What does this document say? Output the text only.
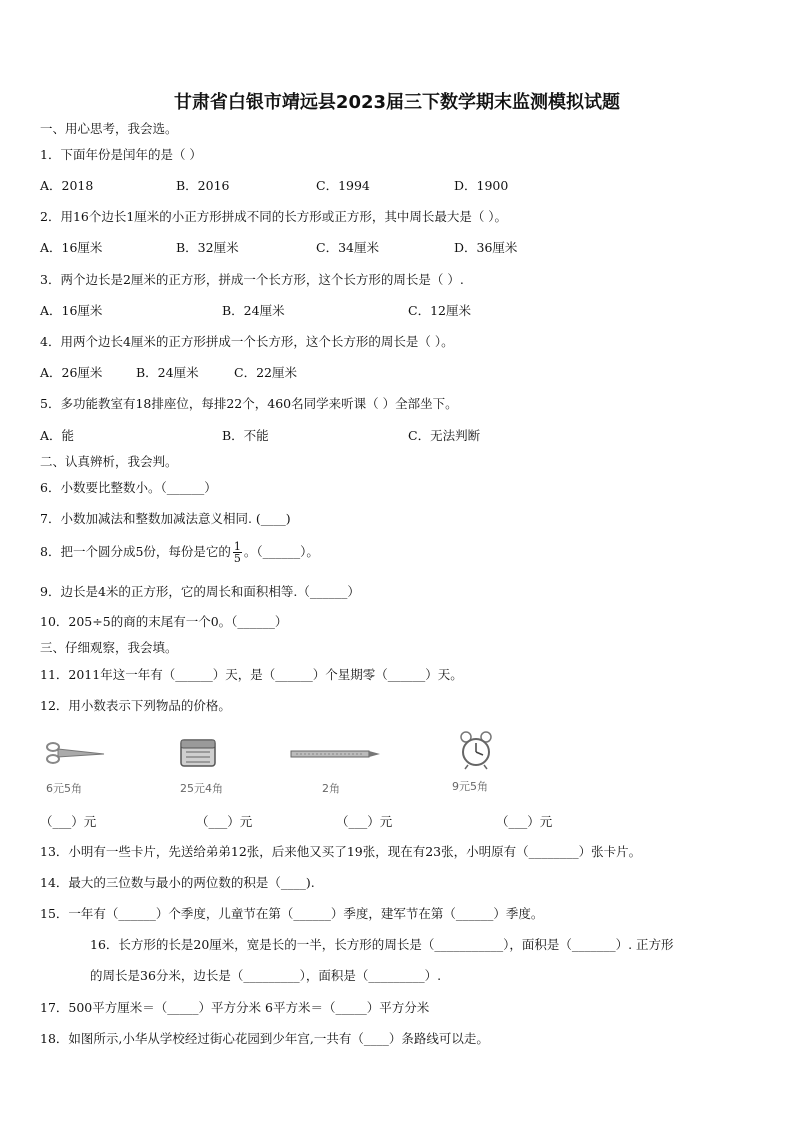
甘肃省白银市靖远县2023届三下数学期末监测模拟试题
一、用心思考，我会选。
1．下面年份是闰年的是（ ）
A．2018	B．2016	C．1994	D．1900
2．用16个边长1厘米的小正方形拼成不同的长方形或正方形，其中周长最大是（ ）。
A．16厘米	B．32厘米	C．34厘米	D．36厘米
3．两个边长是2厘米的正方形，拼成一个长方形，这个长方形的周长是（ ）.
A．16厘米	B．24厘米	C．12厘米
4．用两个边长4厘米的正方形拼成一个长方形，这个长方形的周长是（ ）。
A．26厘米	B．24厘米	C．22厘米
5．多功能教室有18排座位，每排22个，460名同学来听课（ ）全部坐下。
A．能	B．不能	C．无法判断
二、认真辨析，我会判。
6．小数要比整数小。（______）
7．小数加减法和整数加减法意义相同. (____)
8．把一个圆分成5份，每份是它的 $\frac{1}{5}$ 。（______）。
9．边长是4米的正方形，它的周长和面积相等.（______）
10．205÷5的商的末尾有一个0。（______）
三、仔细观察，我会填。
11．2011年这一年有（______）天，是（______）个星期零（______）天。
12．用小数表示下列物品的价格。
6元5角	25元4角	2角	9元5角
（___）元	（___）元	（___）元	（___）元
13．小明有一些卡片，先送给弟弟12张，后来他又买了19张，现在有23张，小明原有（________）张卡片。
14．最大的三位数与最小的两位数的积是（____).
15．一年有（______）个季度，儿童节在第（______）季度，建军节在第（______）季度。
16．长方形的长是20厘米，宽是长的一半，长方形的周长是（___________），面积是（_______）. 正方形
的周长是36分米，边长是（_________），面积是（_________）.
17．500平方厘米＝（_____）平方分米 6平方米＝（_____）平方分米
18．如图所示,小华从学校经过街心花园到少年宫,一共有（____）条路线可以走。
